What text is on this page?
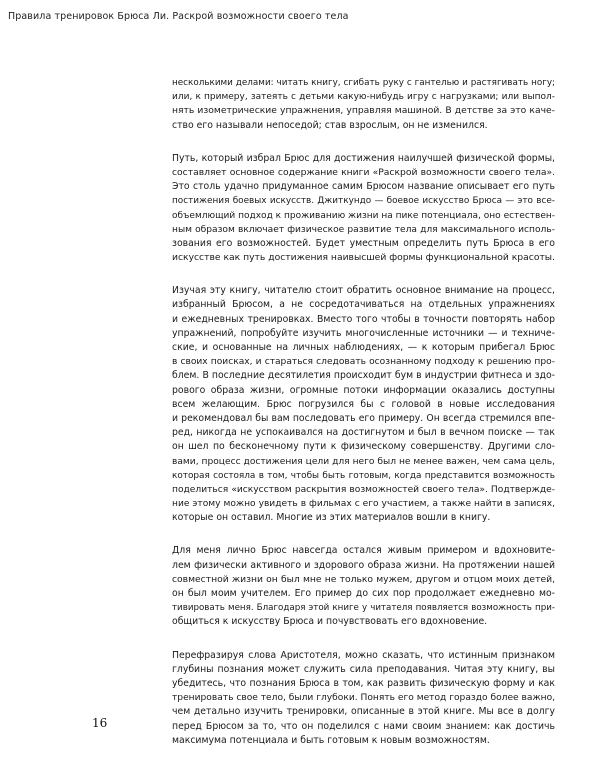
Правила тренировок Брюса Ли. Раскрой возможности своего тела

несколькими делами: читать книгу, сгибать руку с гантелью и растягивать ногу;
или, к примеру, затеять с детьми какую-нибудь игру с нагрузками; или выпол-
нять изометрические упражнения, управляя машиной. В детстве за это каче-
ство его называли непоседой; став взрослым, он не изменился.

Путь, который избрал Брюс для достижения наилучшей физической формы,
составляет основное содержание книги «Раскрой возможности своего тела».
Это столь удачно придуманное самим Брюсом название описывает его путь
постижения боевых искусств. Джиткундо — боевое искусство Брюса — это все-
объемлющий подход к проживанию жизни на пике потенциала, оно естествен-
ным образом включает физическое развитие тела для максимального исполь-
зования его возможностей. Будет уместным определить путь Брюса в его
искусстве как путь достижения наивысшей формы функциональной красоты.

Изучая эту книгу, читателю стоит обратить основное внимание на процесс,
избранный Брюсом, а не сосредотачиваться на отдельных упражнениях
и ежедневных тренировках. Вместо того чтобы в точности повторять набор
упражнений, попробуйте изучить многочисленные источники — и техниче-
ские, и основанные на личных наблюдениях, — к которым прибегал Брюс
в своих поисках, и стараться следовать осознанному подходу к решению про-
блем. В последние десятилетия происходит бум в индустрии фитнеса и здо-
рового образа жизни, огромные потоки информации оказались доступны
всем желающим. Брюс погрузился бы с головой в новые исследования
и рекомендовал бы вам последовать его примеру. Он всегда стремился впе-
ред, никогда не успокаивался на достигнутом и был в вечном поиске — так
он шел по бесконечному пути к физическому совершенству. Другими сло-
вами, процесс достижения цели для него был не менее важен, чем сама цель,
которая состояла в том, чтобы быть готовым, когда представится возможность
поделиться «искусством раскрытия возможностей своего тела». Подтвержде-
ние этому можно увидеть в фильмах с его участием, а также найти в записях,
которые он оставил. Многие из этих материалов вошли в книгу.

Для меня лично Брюс навсегда остался живым примером и вдохновите-
лем физически активного и здорового образа жизни. На протяжении нашей
совместной жизни он был мне не только мужем, другом и отцом моих детей,
он был моим учителем. Его пример до сих пор продолжает ежедневно мо-
тивировать меня. Благодаря этой книге у читателя появляется возможность при-
общиться к искусству Брюса и почувствовать его вдохновение.

Перефразируя слова Аристотеля, можно сказать, что истинным признаком
глубины познания может служить сила преподавания. Читая эту книгу, вы
убедитесь, что познания Брюса в том, как развить физическую форму и как
тренировать свое тело, были глубоки. Понять его метод гораздо более важно,
чем детально изучить тренировки, описанные в этой книге. Мы все в долгу
перед Брюсом за то, что он поделился с нами своим знанием: как достичь
максимума потенциала и быть готовым к новым возможностям.

16
